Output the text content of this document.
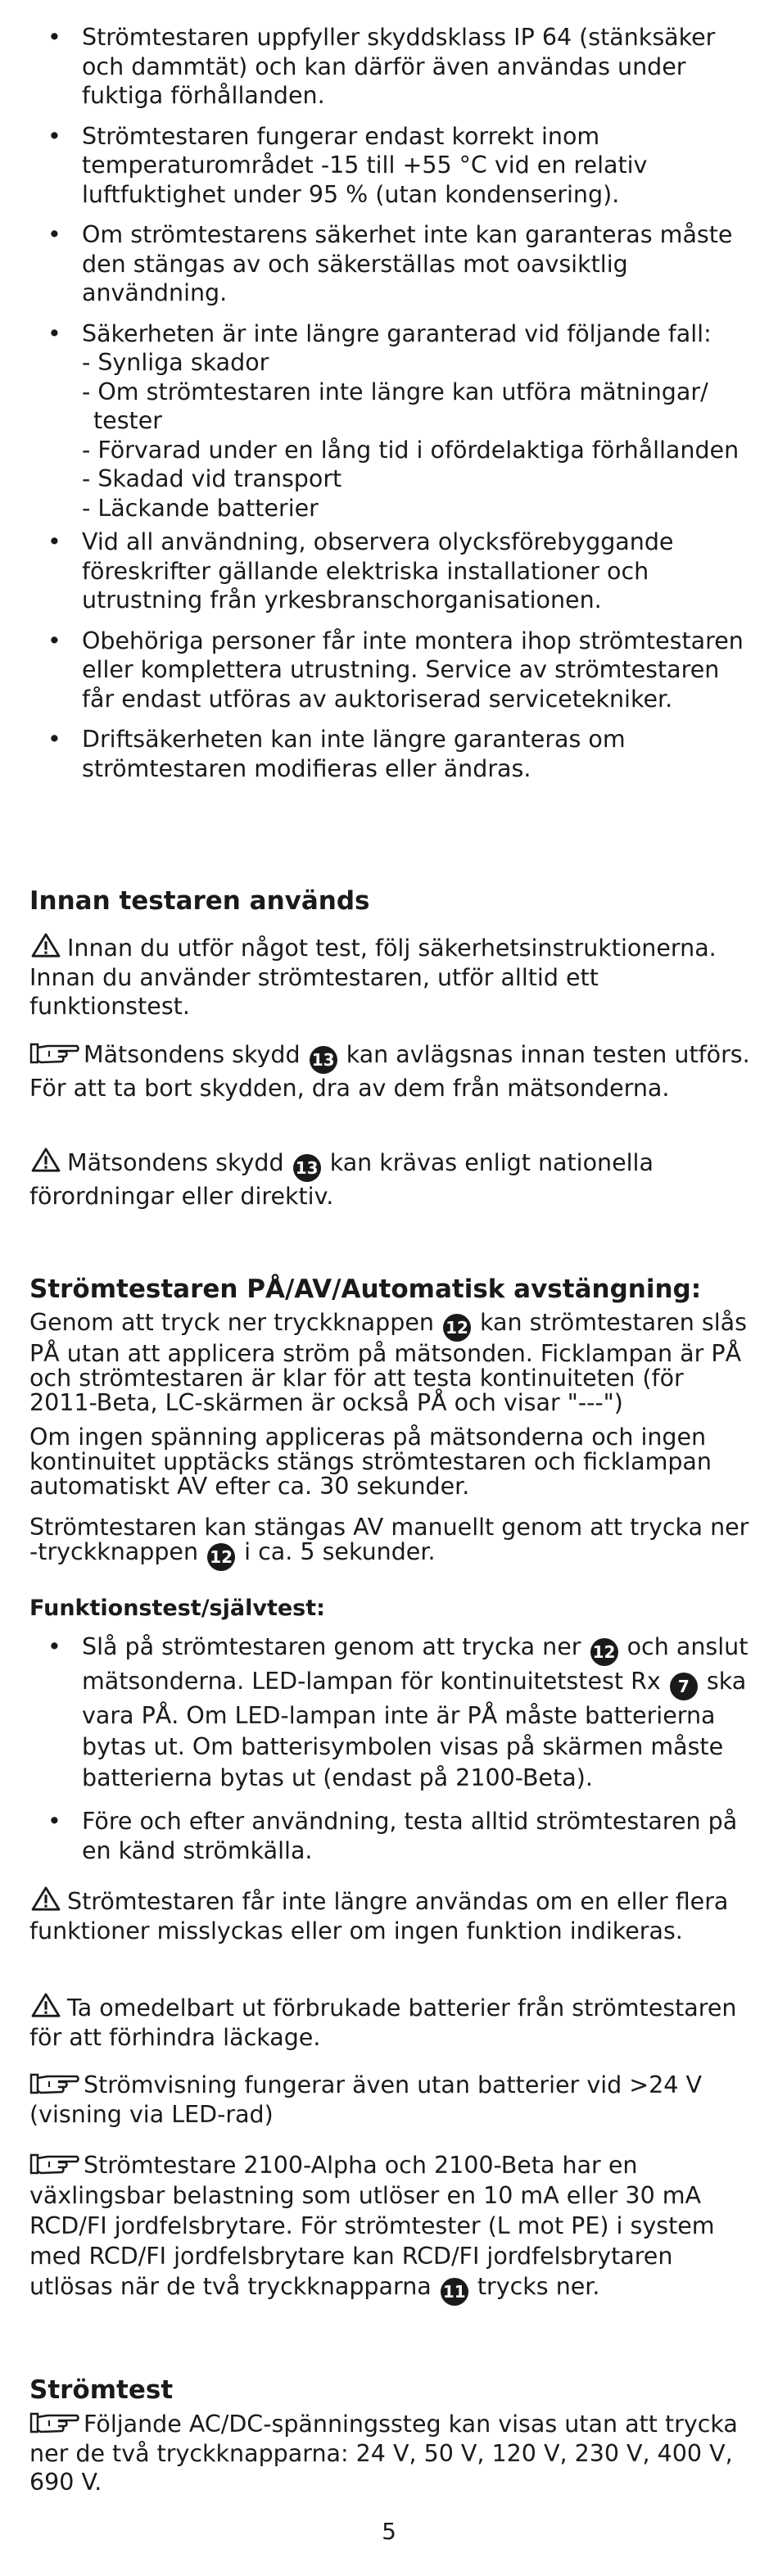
• Strömtestaren uppfyller skyddsklass IP 64 (stänksäker och dammtät) och kan därför även användas under fuktiga förhållanden.
• Strömtestaren fungerar endast korrekt inom temperaturområdet -15 till +55 °C vid en relativ luftfuktighet under 95 % (utan kondensering).
• Om strömtestarens säkerhet inte kan garanteras måste den stängas av och säkerställas mot oavsiktlig användning.
• Säkerheten är inte längre garanterad vid följande fall:
- Synliga skador
- Om strömtestaren inte längre kan utföra mätningar/ tester
- Förvarad under en lång tid i ofördelaktiga förhållanden
- Skadad vid transport
- Läckande batterier
• Vid all användning, observera olycksförebyggande föreskrifter gällande elektriska installationer och utrustning från yrkesbranschorganisationen.
• Obehöriga personer får inte montera ihop strömtestaren eller komplettera utrustning. Service av strömtestaren får endast utföras av auktoriserad servicetekniker.
• Driftsäkerheten kan inte längre garanteras om strömtestaren modifieras eller ändras.
Innan testaren används

Innan du utför något test, följ säkerhetsinstruktionerna. Innan du använder strömtestaren, utför alltid ett funktionstest.

Mätsondens skydd 13 kan avlägsnas innan testen utförs. För att ta bort skydden, dra av dem från mätsonderna.

Mätsondens skydd 13 kan krävas enligt nationella förordningar eller direktiv.

Strömtestaren PÅ/AV/Automatisk avstängning:

Genom att tryck ner tryckknappen 12 kan strömtestaren slås PÅ utan att applicera ström på mätsonden. Ficklampan är PÅ och strömtestaren är klar för att testa kontinuiteten (för 2011-Beta, LC-skärmen är också PÅ och visar "---")

Om ingen spänning appliceras på mätsonderna och ingen kontinuitet upptäcks stängs strömtestaren och ficklampan automatiskt AV efter ca. 30 sekunder.

Strömtestaren kan stängas AV manuellt genom att trycka ner -tryckknappen 12 i ca. 5 sekunder.

Funktionstest/självtest:
• Slå på strömtestaren genom att trycka ner 12 och anslut mätsonderna. LED-lampan för kontinuitetstest Rx 7 ska vara PÅ. Om LED-lampan inte är PÅ måste batterierna bytas ut. Om batterisymbolen visas på skärmen måste batterierna bytas ut (endast på 2100-Beta).
• Före och efter användning, testa alltid strömtestaren på en känd strömkälla.

Strömtestaren får inte längre användas om en eller flera funktioner misslyckas eller om ingen funktion indikeras.

Ta omedelbart ut förbrukade batterier från strömtestaren för att förhindra läckage.

Strömvisning fungerar även utan batterier vid >24 V (visning via LED-rad)

Strömtestare 2100-Alpha och 2100-Beta har en växlingsbar belastning som utlöser en 10 mA eller 30 mA RCD/FI jordfelsbrytare. För strömtester (L mot PE) i system med RCD/FI jordfelsbrytare kan RCD/FI jordfelsbrytaren utlösas när de två tryckknapparna 11 trycks ner.

Strömtest

Följande AC/DC-spänningssteg kan visas utan att trycka ner de två tryckknapparna: 24 V, 50 V, 120 V, 230 V, 400 V, 690 V.

5
